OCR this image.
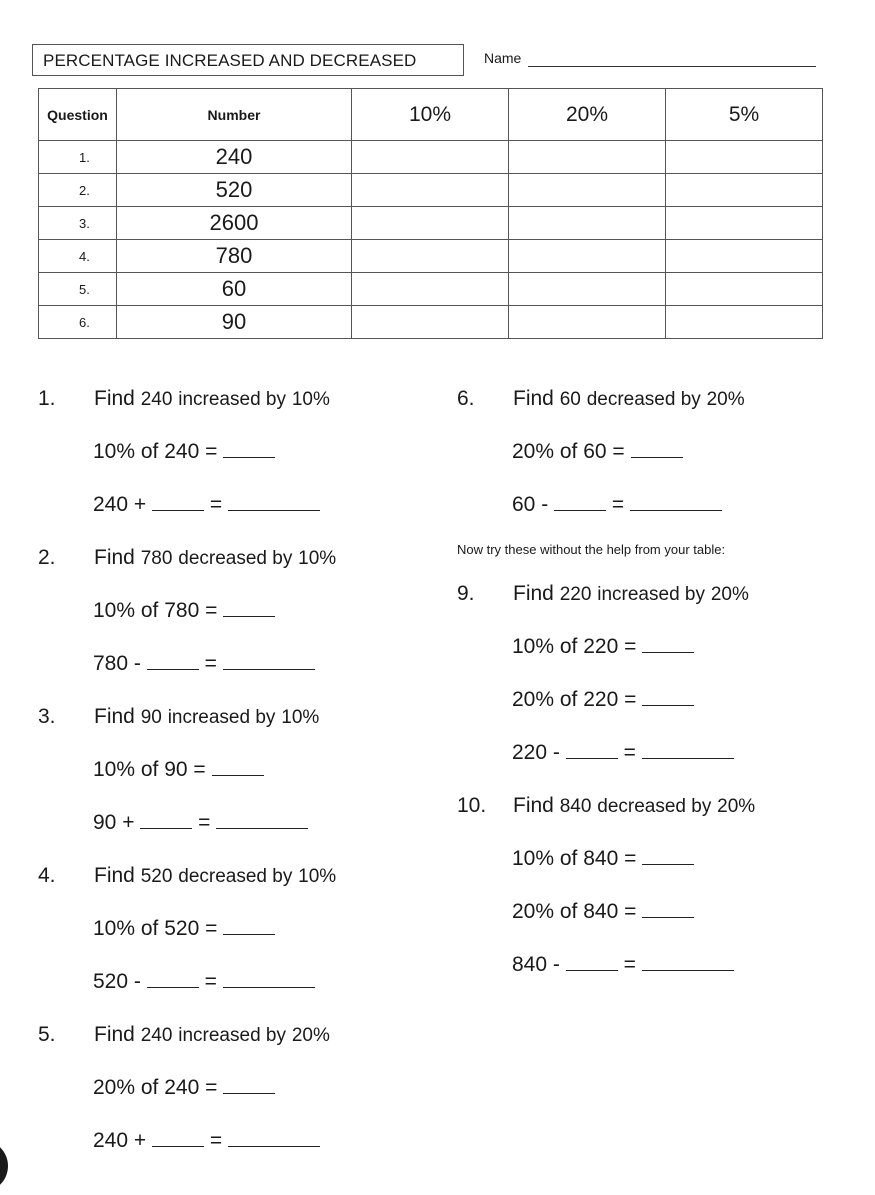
PERCENTAGE INCREASED AND DECREASED	Name
Question	Number	10%	20%	5%
1.	240			
2.	520			
3.	2600			
4.	780			
5.	60			
6.	90			
1. Find 240 increased by 10%
10% of 240 =
240 +	=
2. Find 780 decreased by 10%
10% of 780 =
780 -	=
3. Find 90 increased by 10%
10% of 90 =
90 +	=
4. Find 520 decreased by 10%
10% of 520 =
520 -	=
5. Find 240 increased by 20%
20% of 240 =
240 +	=
6. Find 60 decreased by 20%
20% of 60 =
60 -	=
Now try these without the help from your table:
9. Find 220 increased by 20%
10% of 220 =
20% of 220 =
220 -	=
10. Find 840 decreased by 20%
10% of 840 =
20% of 840 =
840 -	=
